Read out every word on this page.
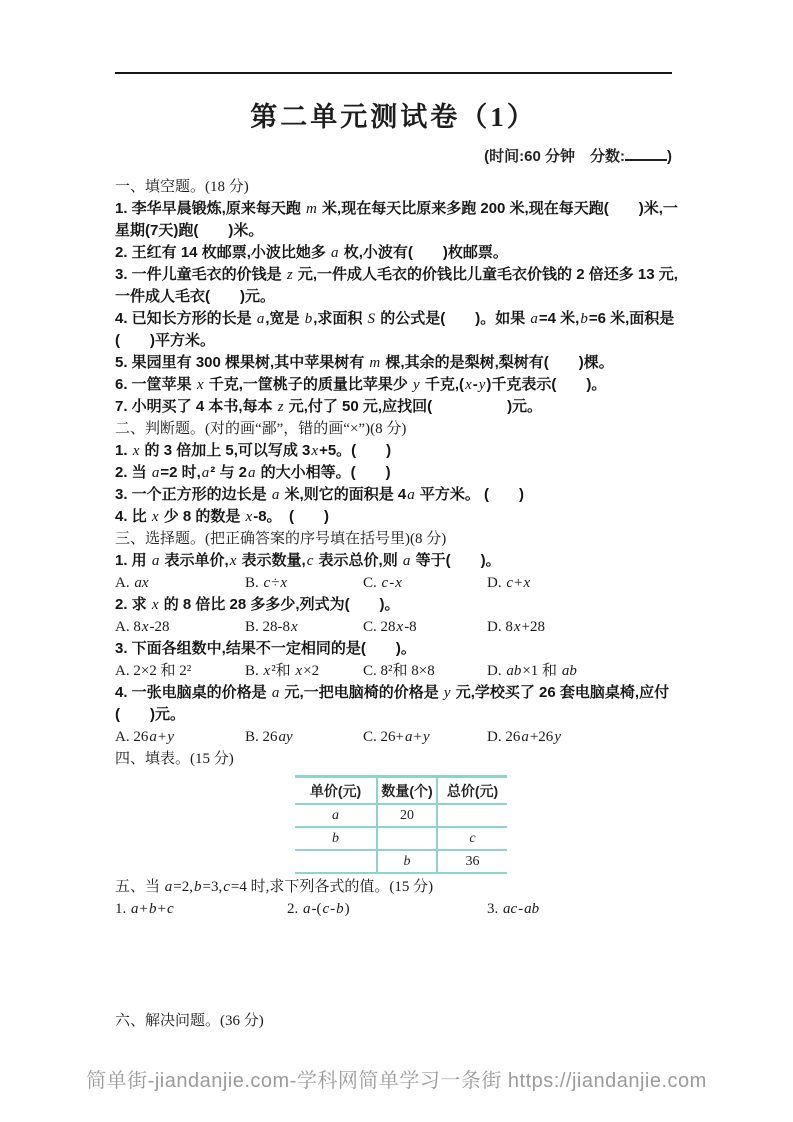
第二单元测试卷（1）
(时间:60 分钟　分数:	)

一、填空题。(18 分)

1. 李华早晨锻炼,原来每天跑 m 米,现在每天比原来多跑 200 米,现在每天跑(　　)米,一星期(7天)跑(　　)米。

2. 王红有 14 枚邮票,小波比她多 a 枚,小波有(　　)枚邮票。

3. 一件儿童毛衣的价钱是 z 元,一件成人毛衣的价钱比儿童毛衣价钱的 2 倍还多 13 元,一件成人毛衣(　　)元。

4. 已知长方形的长是 a,宽是 b,求面积 S 的公式是(　　)。如果 a=4 米,b=6 米,面积是(　　)平方米。

5. 果园里有 300 棵果树,其中苹果树有 m 棵,其余的是梨树,梨树有(　　)棵。

6. 一筐苹果 x 千克,一筐桃子的质量比苹果少 y 千克,(x-y)千克表示(　　)。

7. 小明买了 4 本书,每本 z 元,付了 50 元,应找回(　　　　　)元。

二、判断题。(对的画“鄙”，错的画“×”)(8 分)

1. x 的 3 倍加上 5,可以写成 3x+5。(　　)

2. 当 a=2 时,a² 与 2a 的大小相等。(　　)

3. 一个正方形的边长是 a 米,则它的面积是 4a 平方米。 (　　)

4. 比 x 少 8 的数是 x-8。　(　　)

三、选择题。(把正确答案的序号填在括号里)(8 分)

1. 用 a 表示单价,x 表示数量,c 表示总价,则 a 等于(　　)。

A. ax	B. c÷x	C. c-x	D. c+x

2. 求 x 的 8 倍比 28 多多少,列式为(　　)。

A. 8x-28	B. 28-8x	C. 28x-8	D. 8x+28

3. 下面各组数中,结果不一定相同的是(　　)。

A. 2×2 和 2²	B. x²和 x×2	C. 8²和 8×8	D. ab×1 和 ab

4. 一张电脑桌的价格是 a 元,一把电脑椅的价格是 y 元,学校买了 26 套电脑桌椅,应付(　　)元。

A. 26a+y	B. 26ay	C. 26+a+y	D. 26a+26y

四、填表。(15 分)

单价(元)	数量(个)	总价(元)
a	20	
b		c
	b	36

五、当 a=2,b=3,c=4 时,求下列各式的值。(15 分)

1. a+b+c	2. a-(c-b)	3. ac-ab

六、解决问题。(36 分)

简单街-jiandanjie.com-学科网简单学习一条街 https://jiandanjie.com
